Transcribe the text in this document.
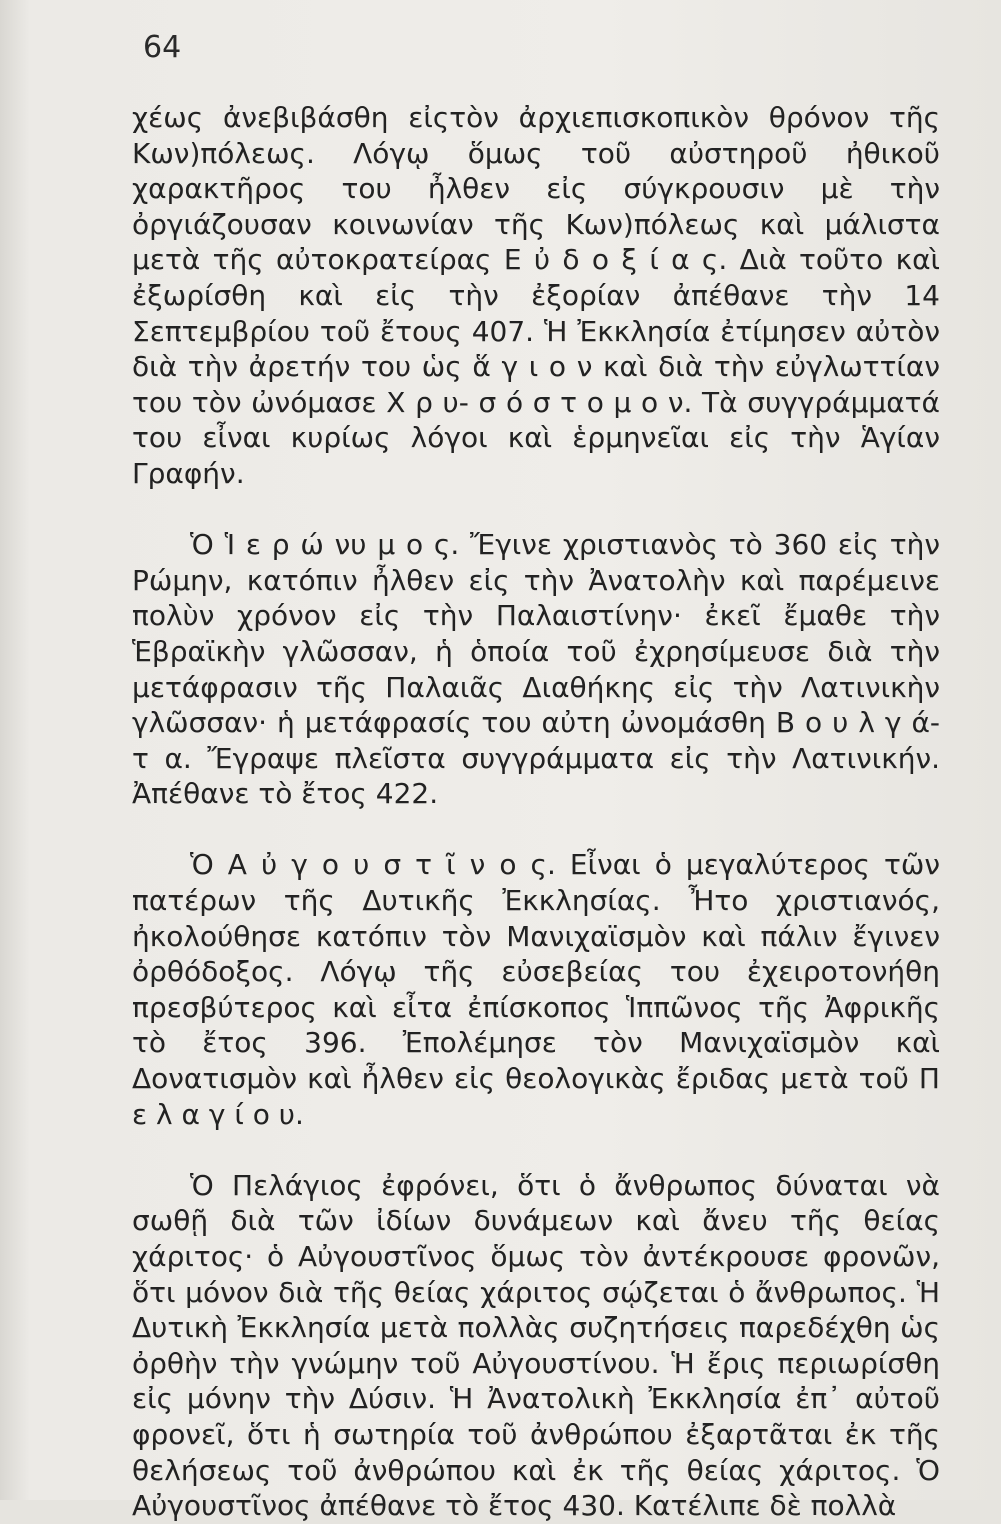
64

χέως ἀνεβιβάσθη εἰςτὸν ἀρχιεπισκοπικὸν θρόνον τῆς Κων)πόλεως. Λόγῳ ὅμως τοῦ αὐστηροῦ ἠθικοῦ χαρακτῆρος του ἦλθεν εἰς σύγκρουσιν μὲ τὴν ὀργιάζουσαν κοινωνίαν τῆς Κων)πόλεως καὶ μάλιστα μετὰ τῆς αὐτοκρατείρας Ε ὐ δ ο ξ ί α ς. Διὰ τοῦτο καὶ ἐξωρίσθη καὶ εἰς τὴν ἐξορίαν ἀπέθανε τὴν 14 Σεπτεμβρίου τοῦ ἔτους 407. Ἡ Ἐκκλησία ἐτίμησεν αὐτὸν διὰ τὴν ἀρετήν του ὡς ἅ γ ι ο ν καὶ διὰ τὴν εὐγλωττίαν του τὸν ὠνόμασε Χ ρ υ- σ ό σ τ ο μ ο ν. Τὰ συγγράμματά του εἶναι κυρίως λόγοι καὶ ἑρμηνεῖαι εἰς τὴν Ἁγίαν Γραφήν.

Ὁ Ἱ ε ρ ώ νυ μ ο ς. Ἔγινε χριστιανὸς τὸ 360 εἰς τὴν Ρώμην, κατόπιν ἦλθεν εἰς τὴν Ἀνατολὴν καὶ παρέμεινε πολὺν χρόνον εἰς τὴν Παλαιστίνην· ἐκεῖ ἔμαθε τὴν Ἑβραϊκὴν γλῶσσαν, ἡ ὁποία τοῦ ἐχρησίμευσε διὰ τὴν μετάφρασιν τῆς Παλαιᾶς Διαθήκης εἰς τὴν Λατινικὴν γλῶσσαν· ἡ μετάφρασίς του αὐτη ὠνομάσθη Β ο υ λ γ ά- τ α. Ἔγραψε πλεῖστα συγγράμματα εἰς τὴν Λατινικήν. Ἀπέθανε τὸ ἔτος 422.

Ὁ Α ὐ γ ο υ σ τ ῖ ν ο ς. Εἶναι ὁ μεγαλύτερος τῶν πατέρων τῆς Δυτικῆς Ἐκκλησίας. Ἦτο χριστιανός, ἠκολούθησε κατόπιν τὸν Μανιχαϊσμὸν καὶ πάλιν ἔγινεν ὀρθόδοξος. Λόγῳ τῆς εὐσεβείας του ἐχειροτονήθη πρεσβύτερος καὶ εἶτα ἐπίσκοπος Ἱππῶνος τῆς Ἀφρικῆς τὸ ἔτος 396. Ἐπολέμησε τὸν Μανιχαϊσμὸν καὶ Δονατισμὸν καὶ ἦλθεν εἰς θεολογικὰς ἔριδας μετὰ τοῦ Π ε λ α γ ί ο υ.

Ὁ Πελάγιος ἐφρόνει, ὅτι ὁ ἄνθρωπος δύναται νὰ σωθῇ διὰ τῶν ἰδίων δυνάμεων καὶ ἄνευ τῆς θείας χάριτος· ὁ Αὐγουστῖνος ὅμως τὸν ἀντέκρουσε φρονῶν, ὅτι μόνον διὰ τῆς θείας χάριτος σῴζεται ὁ ἄνθρωπος. Ἡ Δυτικὴ Ἐκκλησία μετὰ πολλὰς συζητήσεις παρεδέχθη ὡς ὀρθὴν τὴν γνώμην τοῦ Αὐγουστίνου. Ἡ ἔρις περιωρίσθη εἰς μόνην τὴν Δύσιν. Ἡ Ἀνατολικὴ Ἐκκλησία ἐπ᾽ αὐτοῦ φρονεῖ, ὅτι ἡ σωτηρία τοῦ ἀνθρώπου ἐξαρτᾶται ἐκ τῆς θελήσεως τοῦ ἀνθρώπου καὶ ἐκ τῆς θείας χάριτος. Ὁ Αὐγουστῖνος ἀπέθανε τὸ ἔτος 430. Κατέλιπε δὲ πολλὰ
